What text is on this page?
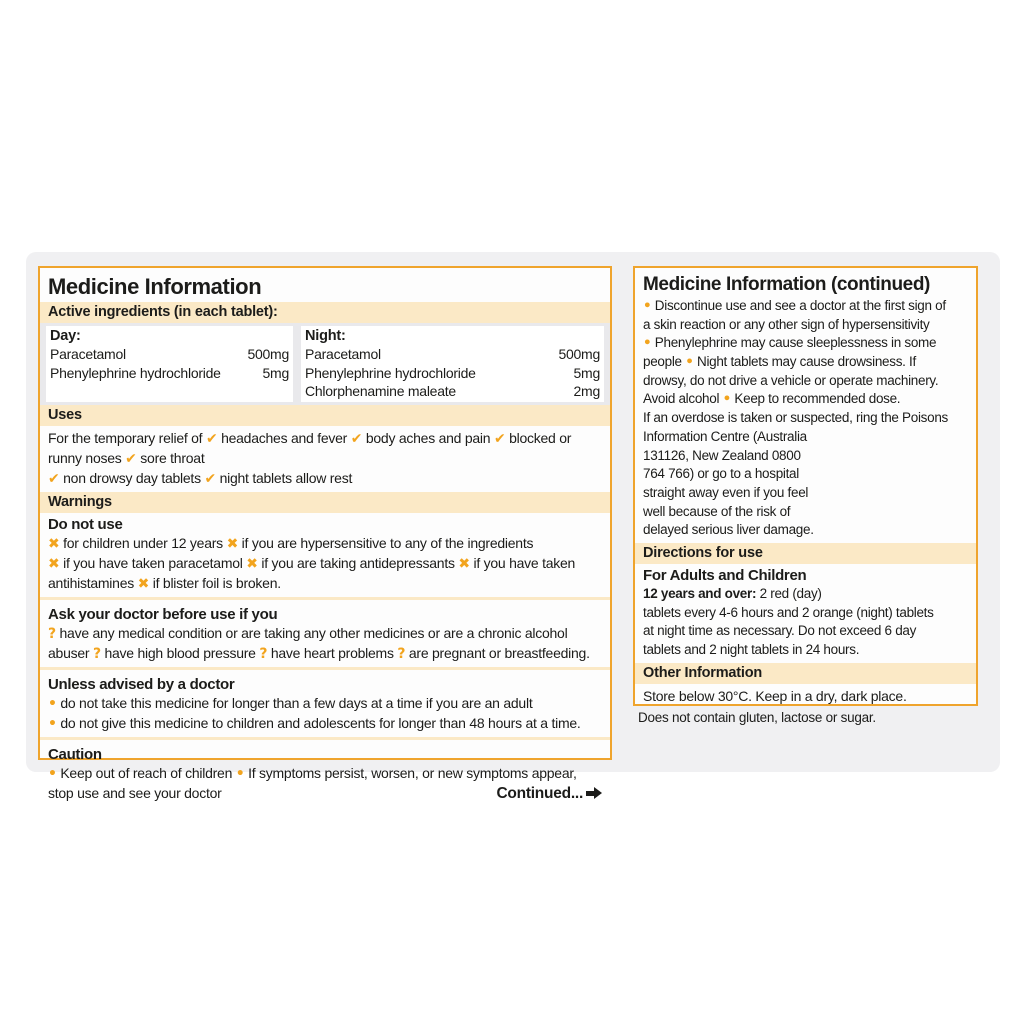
Medicine Information
Active ingredients (in each tablet):
Day:
Paracetamol	500mg
Phenylephrine hydrochloride	5mg
Night:
Paracetamol	500mg
Phenylephrine hydrochloride	5mg
Chlorphenamine maleate	2mg
Uses
For the temporary relief of ✔ headaches and fever ✔ body aches and pain ✔ blocked or
runny noses ✔ sore throat
✔ non drowsy day tablets ✔ night tablets allow rest
Warnings
Do not use
✖ for children under 12 years ✖ if you are hypersensitive to any of the ingredients
✖ if you have taken paracetamol ✖ if you are taking antidepressants ✖ if you have taken
antihistamines ✖ if blister foil is broken.
Ask your doctor before use if you
? have any medical condition or are taking any other medicines or are a chronic alcohol
abuser ? have high blood pressure ? have heart problems ? are pregnant or breastfeeding.
Unless advised by a doctor
• do not take this medicine for longer than a few days at a time if you are an adult
• do not give this medicine to children and adolescents for longer than 48 hours at a time.
Caution
• Keep out of reach of children • If symptoms persist, worsen, or new symptoms appear,
stop use and see your doctor	Continued...
Medicine Information (continued)
• Discontinue use and see a doctor at the first sign of
a skin reaction or any other sign of hypersensitivity
• Phenylephrine may cause sleeplessness in some
people • Night tablets may cause drowsiness. If
drowsy, do not drive a vehicle or operate machinery.
Avoid alcohol • Keep to recommended dose.
If an overdose is taken or suspected, ring the Poisons
Information Centre (Australia
131126, New Zealand 0800
764 766) or go to a hospital
straight away even if you feel
well because of the risk of
delayed serious liver damage.
Directions for use
For Adults and Children
12 years and over: 2 red (day)
tablets every 4-6 hours and 2 orange (night) tablets
at night time as necessary. Do not exceed 6 day
tablets and 2 night tablets in 24 hours.
Other Information
Store below 30°C. Keep in a dry, dark place.
Does not contain gluten, lactose or sugar.
